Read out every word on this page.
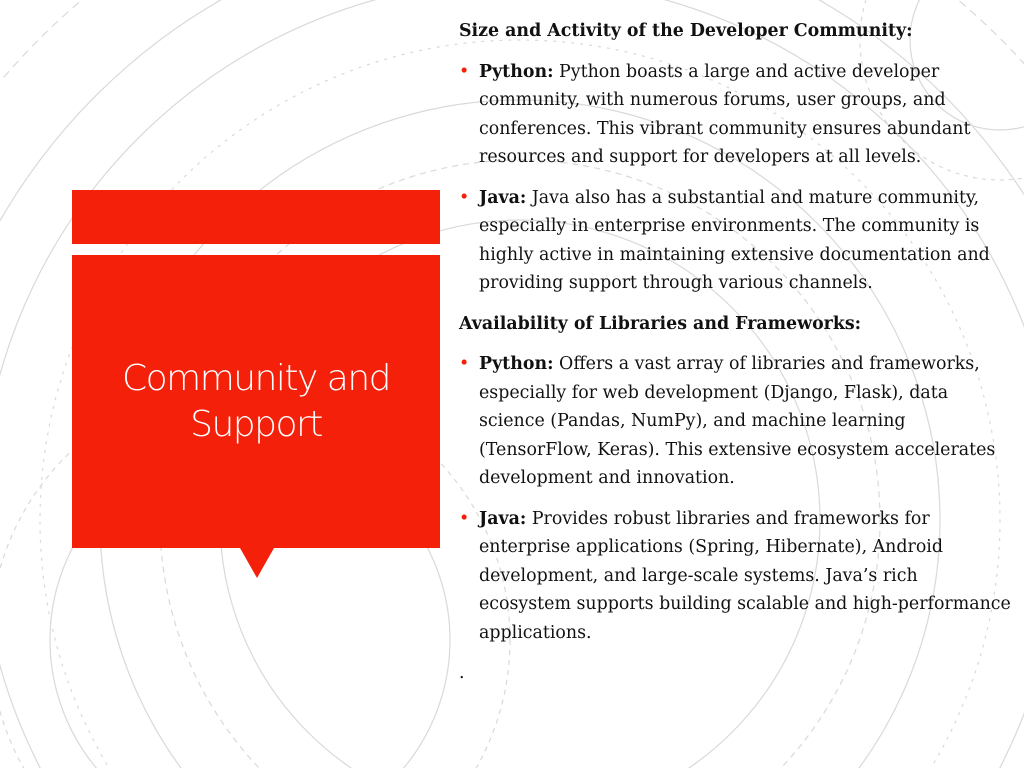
Community and Support
Size and Activity of the Developer Community:
• Python: Python boasts a large and active developer community, with numerous forums, user groups, and conferences. This vibrant community ensures abundant resources and support for developers at all levels.
• Java: Java also has a substantial and mature community, especially in enterprise environments. The community is highly active in maintaining extensive documentation and providing support through various channels.
Availability of Libraries and Frameworks:
• Python: Offers a vast array of libraries and frameworks, especially for web development (Django, Flask), data science (Pandas, NumPy), and machine learning (TensorFlow, Keras). This extensive ecosystem accelerates development and innovation.
• Java: Provides robust libraries and frameworks for enterprise applications (Spring, Hibernate), Android development, and large-scale systems. Java’s rich ecosystem supports building scalable and high-performance applications.
.
